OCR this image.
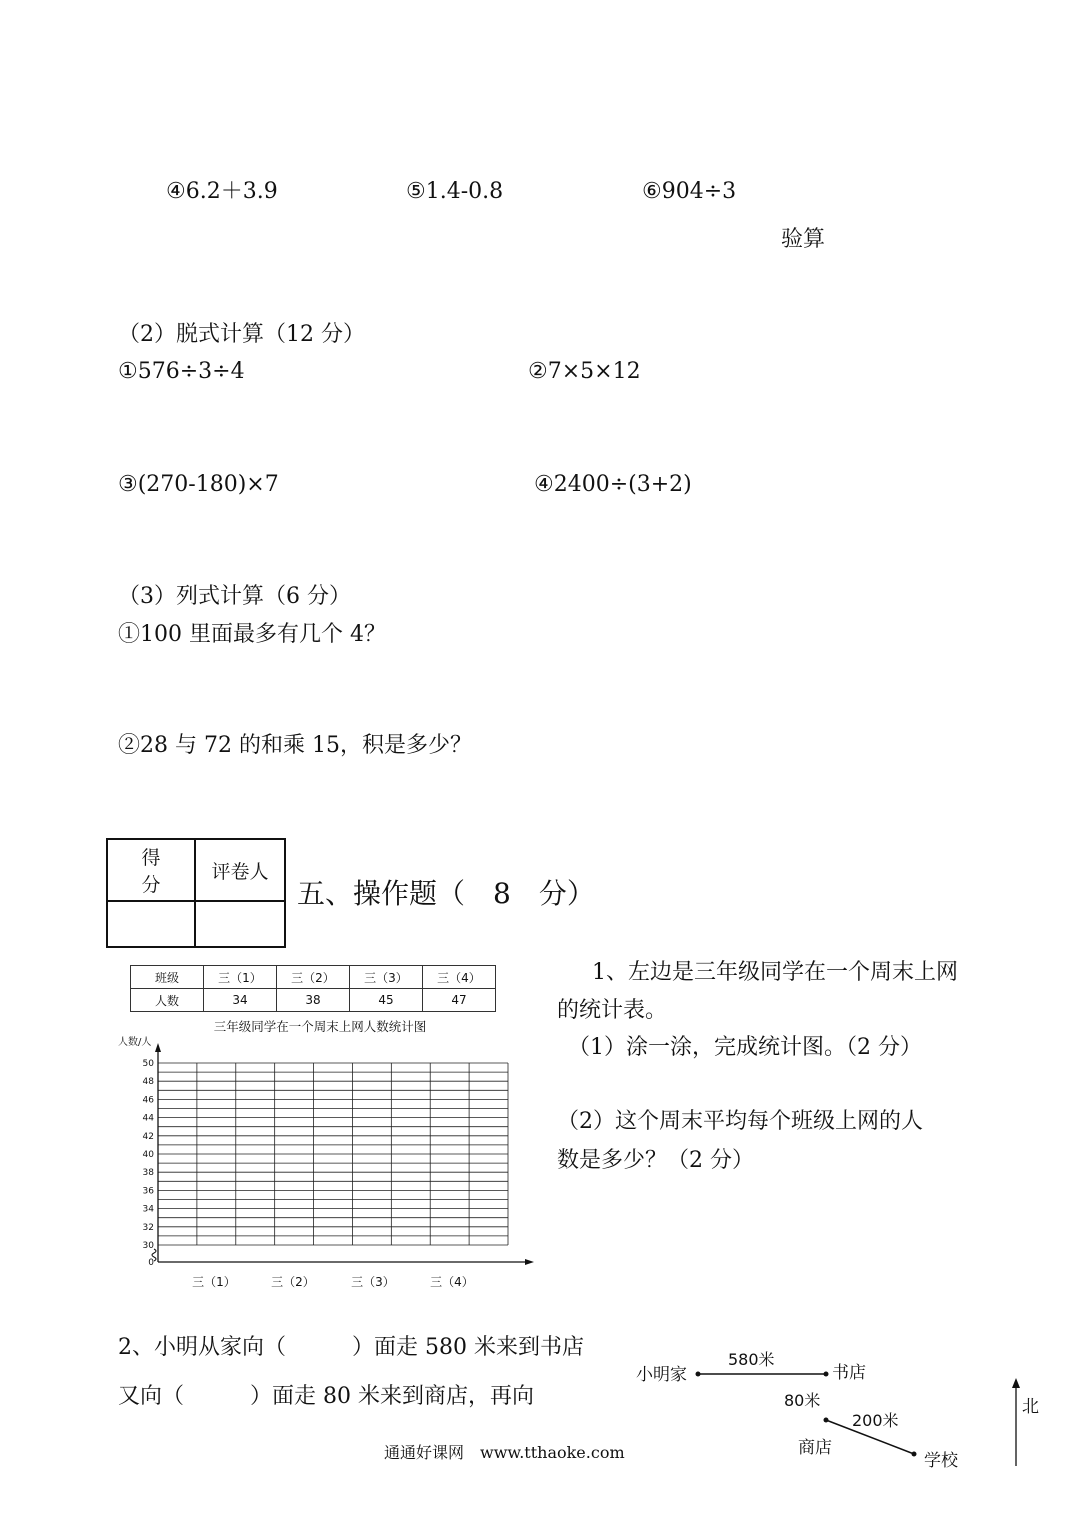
④6.2＋3.9	⑤1.4-0.8	⑥904÷3
验算
（2）脱式计算（12 分）
①576÷3÷4	②7×5×12
③(270-180)×7	④2400÷(3+2)
（3）列式计算（6 分）
①100 里面最多有几个 4？
②28 与 72 的和乘 15，积是多少？
得
分	评卷人

五、操作题（　8　分）
班级	三（1）	三（2）	三（3）	三（4）
人数	34	38	45	47
三年级同学在一个周末上网人数统计图
人数/人
0
30
32
34
36
38
40
42
44
46
48
50
三（1）	三（2）	三（3）	三（4）
1、左边是三年级同学在一个周末上网
的统计表。
（1）涂一涂，完成统计图。（2 分）
（2）这个周末平均每个班级上网的人
数是多少？（2 分）
2、小明从家向（　　　）面走 580 米来到书店
又向（　　　）面走 80 米来到商店，再向
小明家	书店
商店
学校
580米
80米
200米
北
通通好课网　www.tthaoke.com
